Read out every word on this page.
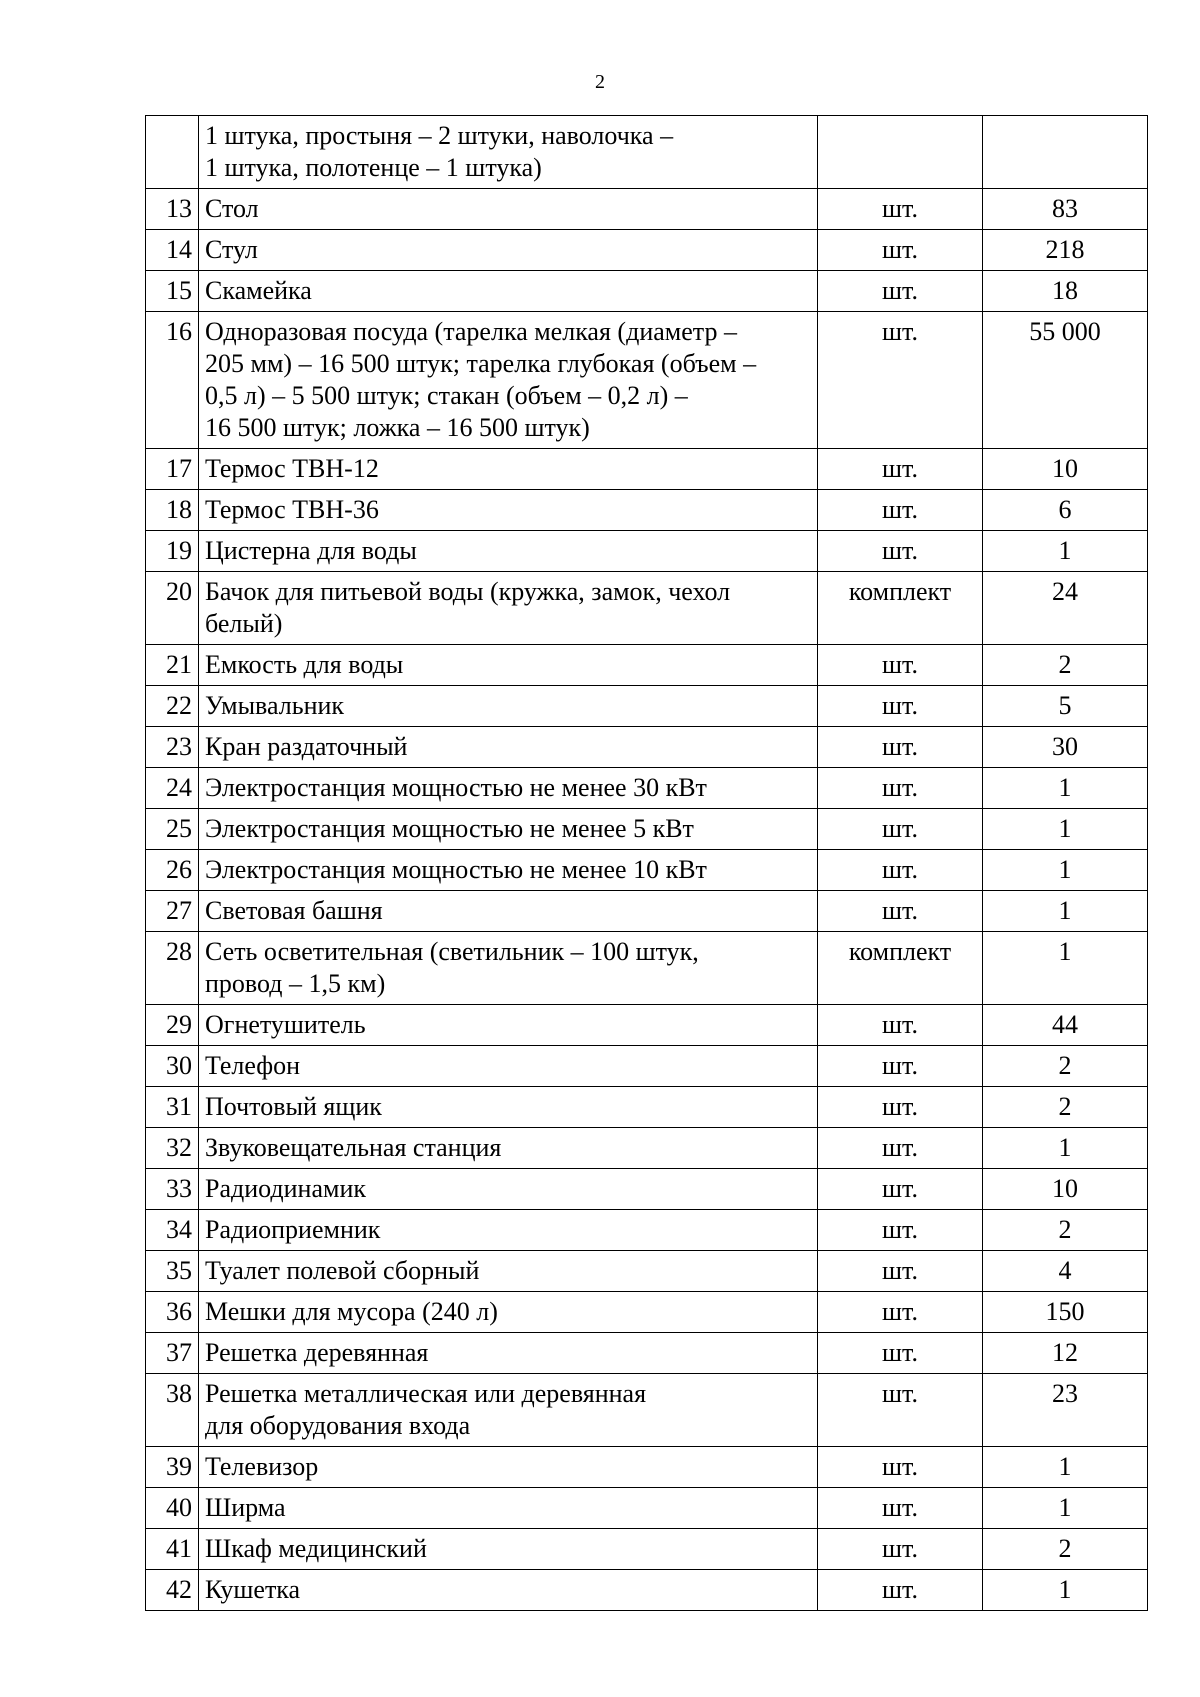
2

	1 штука, простыня – 2 штуки, наволочка –
1 штука, полотенце – 1 штука)		

13	Стол	шт.	83
14	Стул	шт.	218
15	Скамейка	шт.	18
16	Одноразовая посуда (тарелка мелкая (диаметр –
205 мм) – 16 500 штук; тарелка глубокая (объем –
0,5 л) – 5 500 штук; стакан (объем – 0,2 л) –
16 500 штук; ложка – 16 500 штук)	шт.	55 000
17	Термос ТВН-12	шт.	10
18	Термос ТВН-36	шт.	6
19	Цистерна для воды	шт.	1
20	Бачок для питьевой воды (кружка, замок, чехол
белый)	комплект	24
21	Емкость для воды	шт.	2
22	Умывальник	шт.	5
23	Кран раздаточный	шт.	30
24	Электростанция мощностью не менее 30 кВт	шт.	1
25	Электростанция мощностью не менее 5 кВт	шт.	1
26	Электростанция мощностью не менее 10 кВт	шт.	1
27	Световая башня	шт.	1
28	Сеть осветительная (светильник – 100 штук,
провод – 1,5 км)	комплект	1
29	Огнетушитель	шт.	44
30	Телефон	шт.	2
31	Почтовый ящик	шт.	2
32	Звуковещательная станция	шт.	1
33	Радиодинамик	шт.	10
34	Радиоприемник	шт.	2
35	Туалет полевой сборный	шт.	4
36	Мешки для мусора (240 л)	шт.	150
37	Решетка деревянная	шт.	12
38	Решетка металлическая или деревянная
для оборудования входа	шт.	23
39	Телевизор	шт.	1
40	Ширма	шт.	1
41	Шкаф медицинский	шт.	2
42	Кушетка	шт.	1
